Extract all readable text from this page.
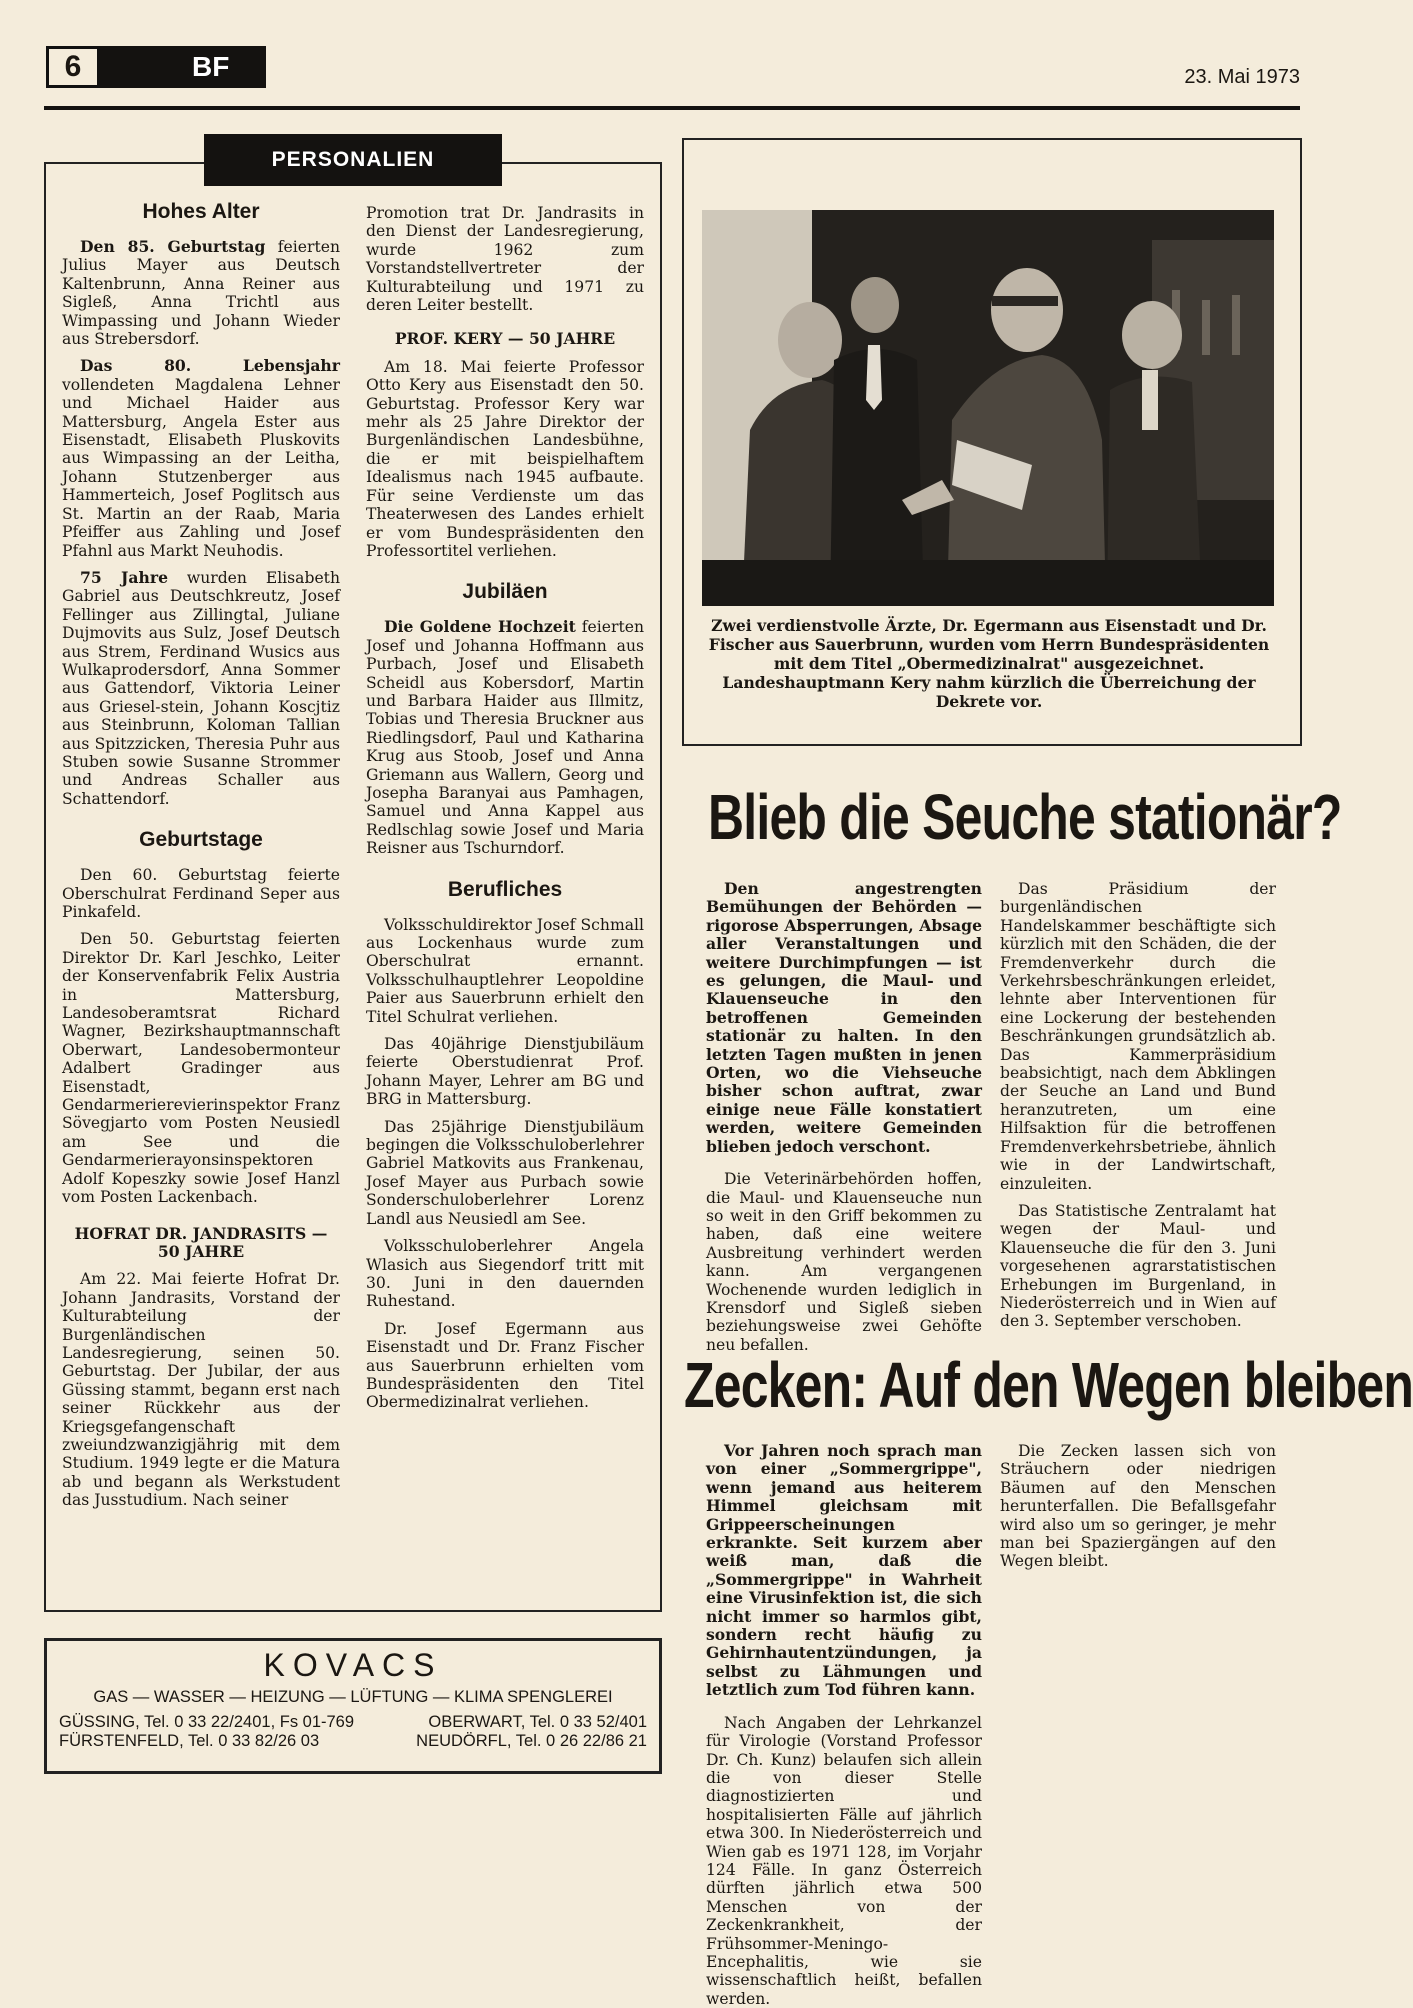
6	BF	23. Mai 1973
PERSONALIEN
Hohes Alter

Den 85. Geburtstag feierten Julius Mayer aus Deutsch Kaltenbrunn, Anna Reiner aus Sigleß, Anna Trichtl aus Wimpassing und Johann Wieder aus Strebersdorf.

Das 80. Lebensjahr vollendeten Magdalena Lehner und Michael Haider aus Mattersburg, Angela Ester aus Eisenstadt, Elisabeth Pluskovits aus Wimpassing an der Leitha, Johann Stutzenberger aus Hammerteich, Josef Poglitsch aus St. Martin an der Raab, Maria Pfeiffer aus Zahling und Josef Pfahnl aus Markt Neuhodis.

75 Jahre wurden Elisabeth Gabriel aus Deutschkreutz, Josef Fellinger aus Zillingtal, Juliane Dujmovits aus Sulz, Josef Deutsch aus Strem, Ferdinand Wusics aus Wulkaprodersdorf, Anna Sommer aus Gattendorf, Viktoria Leiner aus Griesel-stein, Johann Koscjtiz aus Steinbrunn, Koloman Tallian aus Spitzzicken, Theresia Puhr aus Stuben sowie Susanne Strommer und Andreas Schaller aus Schattendorf.

Geburtstage

Den 60. Geburtstag feierte Oberschulrat Ferdinand Seper aus Pinkafeld.

Den 50. Geburtstag feierten Direktor Dr. Karl Jeschko, Leiter der Konservenfabrik Felix Austria in Mattersburg, Landesoberamtsrat Richard Wagner, Bezirkshauptmannschaft Oberwart, Landesobermonteur Adalbert Gradinger aus Eisenstadt, Gendarmerierevierinspektor Franz Sövegjarto vom Posten Neusiedl am See und die Gendarmerierayonsinspektoren Adolf Kopeszky sowie Josef Hanzl vom Posten Lackenbach.

HOFRAT DR. JANDRASITS — 50 JAHRE

Am 22. Mai feierte Hofrat Dr. Johann Jandrasits, Vorstand der Kulturabteilung der Burgenländischen Landesregierung, seinen 50. Geburtstag. Der Jubilar, der aus Güssing stammt, begann erst nach seiner Rückkehr aus der Kriegsgefangenschaft zweiundzwanzigjährig mit dem Studium. 1949 legte er die Matura ab und begann als Werkstudent das Jusstudium. Nach seiner

Promotion trat Dr. Jandrasits in den Dienst der Landesregierung, wurde 1962 zum Vorstandstellvertreter der Kulturabteilung und 1971 zu deren Leiter bestellt.

PROF. KERY — 50 JAHRE

Am 18. Mai feierte Professor Otto Kery aus Eisenstadt den 50. Geburtstag. Professor Kery war mehr als 25 Jahre Direktor der Burgenländischen Landesbühne, die er mit beispielhaftem Idealismus nach 1945 aufbaute. Für seine Verdienste um das Theaterwesen des Landes erhielt er vom Bundespräsidenten den Professortitel verliehen.

Jubiläen

Die Goldene Hochzeit feierten Josef und Johanna Hoffmann aus Purbach, Josef und Elisabeth Scheidl aus Kobersdorf, Martin und Barbara Haider aus Illmitz, Tobias und Theresia Bruckner aus Riedlingsdorf, Paul und Katharina Krug aus Stoob, Josef und Anna Griemann aus Wallern, Georg und Josepha Baranyai aus Pamhagen, Samuel und Anna Kappel aus Redlschlag sowie Josef und Maria Reisner aus Tschurndorf.

Berufliches

Volksschuldirektor Josef Schmall aus Lockenhaus wurde zum Oberschulrat ernannt. Volksschulhauptlehrer Leopoldine Paier aus Sauerbrunn erhielt den Titel Schulrat verliehen.

Das 40jährige Dienstjubiläum feierte Oberstudienrat Prof. Johann Mayer, Lehrer am BG und BRG in Mattersburg.

Das 25jährige Dienstjubiläum begingen die Volksschuloberlehrer Gabriel Matkovits aus Frankenau, Josef Mayer aus Purbach sowie Sonderschuloberlehrer Lorenz Landl aus Neusiedl am See.

Volksschuloberlehrer Angela Wlasich aus Siegendorf tritt mit 30. Juni in den dauernden Ruhestand.

Dr. Josef Egermann aus Eisenstadt und Dr. Franz Fischer aus Sauerbrunn erhielten vom Bundespräsidenten den Titel Obermedizinalrat verliehen.

Zwei verdienstvolle Ärzte, Dr. Egermann aus Eisenstadt und Dr. Fischer aus Sauerbrunn, wurden vom Herrn Bundespräsidenten mit dem Titel „Obermedizinalrat" ausgezeichnet. Landeshauptmann Kery nahm kürzlich die Überreichung der Dekrete vor.
Blieb die Seuche stationär?

Den angestrengten Bemühungen der Behörden — rigorose Absperrungen, Absage aller Veranstaltungen und weitere Durchimpfungen — ist es gelungen, die Maul- und Klauenseuche in den betroffenen Gemeinden stationär zu halten. In den letzten Tagen mußten in jenen Orten, wo die Viehseuche bisher schon auftrat, zwar einige neue Fälle konstatiert werden, weitere Gemeinden blieben jedoch verschont.

Die Veterinärbehörden hoffen, die Maul- und Klauenseuche nun so weit in den Griff bekommen zu haben, daß eine weitere Ausbreitung verhindert werden kann. Am vergangenen Wochenende wurden lediglich in Krensdorf und Sigleß sieben beziehungsweise zwei Gehöfte neu befallen.

Das Präsidium der burgenländischen Handelskammer beschäftigte sich kürzlich mit den Schäden, die der Fremdenverkehr durch die Verkehrsbeschränkungen erleidet, lehnte aber Interventionen für eine Lockerung der bestehenden Beschränkungen grundsätzlich ab. Das Kammerpräsidium beabsichtigt, nach dem Abklingen der Seuche an Land und Bund heranzutreten, um eine Hilfsaktion für die betroffenen Fremdenverkehrsbetriebe, ähnlich wie in der Landwirtschaft, einzuleiten.

Das Statistische Zentralamt hat wegen der Maul- und Klauenseuche die für den 3. Juni vorgesehenen agrarstatistischen Erhebungen im Burgenland, in Niederösterreich und in Wien auf den 3. September verschoben.

Zecken: Auf den Wegen bleiben

Vor Jahren noch sprach man von einer „Sommergrippe", wenn jemand aus heiterem Himmel gleichsam mit Grippeerscheinungen erkrankte. Seit kurzem aber weiß man, daß die „Sommergrippe" in Wahrheit eine Virusinfektion ist, die sich nicht immer so harmlos gibt, sondern recht häufig zu Gehirnhautentzündungen, ja selbst zu Lähmungen und letztlich zum Tod führen kann.

Nach Angaben der Lehrkanzel für Virologie (Vorstand Professor Dr. Ch. Kunz) belaufen sich allein die von dieser Stelle diagnostizierten und hospitalisierten Fälle auf jährlich etwa 300. In Niederösterreich und Wien gab es 1971 128, im Vorjahr 124 Fälle. In ganz Österreich dürften jährlich etwa 500 Menschen von der Zeckenkrankheit, der Frühsommer-Meningo-Encephalitis, wie sie wissenschaftlich heißt, befallen werden.

Die Zecken lassen sich von Sträuchern oder niedrigen Bäumen auf den Menschen herunterfallen. Die Befallsgefahr wird also um so geringer, je mehr man bei Spaziergängen auf den Wegen bleibt.

KOVACS
GAS — WASSER — HEIZUNG — LÜFTUNG — KLIMA SPENGLEREI
GÜSSING, Tel. 0 33 22/2401, Fs 01-769	OBERWART, Tel. 0 33 52/401
FÜRSTENFELD, Tel. 0 33 82/26 03	NEUDÖRFL, Tel. 0 26 22/86 21
